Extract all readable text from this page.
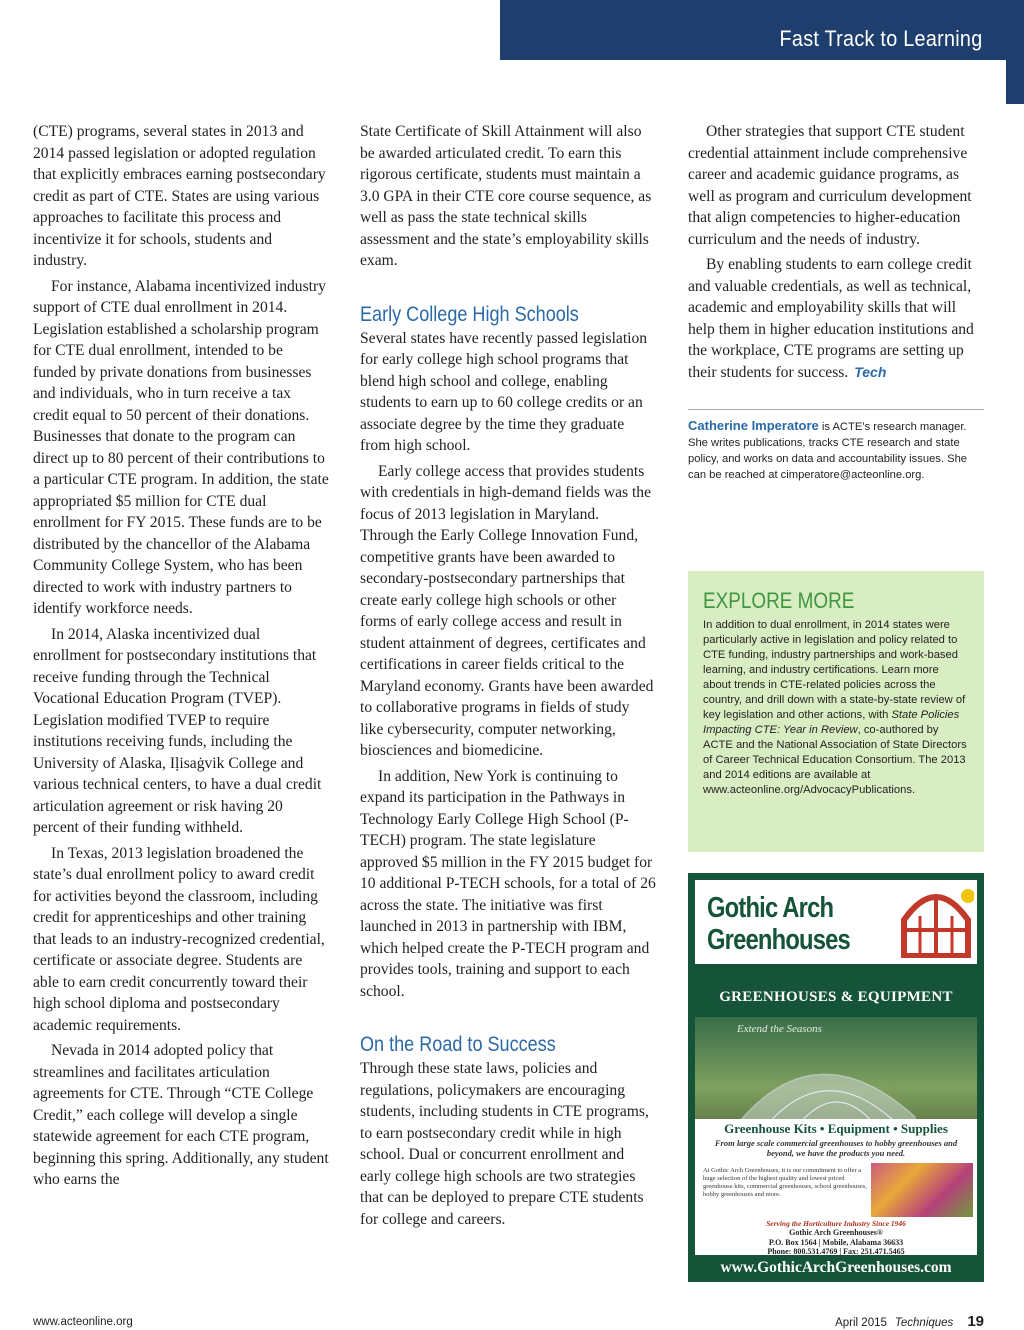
Fast Track to Learning

(CTE) programs, several states in 2013 and 2014 passed legislation or adopted regulation that explicitly embraces earning postsecondary credit as part of CTE. States are using various approaches to facilitate this process and incentivize it for schools, students and industry.

For instance, Alabama incentivized industry support of CTE dual enrollment in 2014. Legislation established a scholarship program for CTE dual enrollment, intended to be funded by private donations from businesses and individuals, who in turn receive a tax credit equal to 50 percent of their donations. Businesses that donate to the program can direct up to 80 percent of their contributions to a particular CTE program. In addition, the state appropriated $5 million for CTE dual enrollment for FY 2015. These funds are to be distributed by the chancellor of the Alabama Community College System, who has been directed to work with industry partners to identify workforce needs.

In 2014, Alaska incentivized dual enrollment for postsecondary institutions that receive funding through the Technical Vocational Education Program (TVEP). Legislation modified TVEP to require institutions receiving funds, including the University of Alaska, Iḷisaġvik College and various technical centers, to have a dual credit articulation agreement or risk having 20 percent of their funding withheld.

In Texas, 2013 legislation broadened the state’s dual enrollment policy to award credit for activities beyond the classroom, including credit for apprenticeships and other training that leads to an industry-recognized credential, certificate or associate degree. Students are able to earn credit concurrently toward their high school diploma and postsecondary academic requirements.

Nevada in 2014 adopted policy that streamlines and facilitates articulation agreements for CTE. Through “CTE College Credit,” each college will develop a single statewide agreement for each CTE program, beginning this spring. Additionally, any student who earns the

State Certificate of Skill Attainment will also be awarded articulated credit. To earn this rigorous certificate, students must maintain a 3.0 GPA in their CTE core course sequence, as well as pass the state technical skills assessment and the state’s employability skills exam.

Early College High Schools

Several states have recently passed legislation for early college high school programs that blend high school and college, enabling students to earn up to 60 college credits or an associate degree by the time they graduate from high school.

Early college access that provides students with credentials in high-demand fields was the focus of 2013 legislation in Maryland. Through the Early College Innovation Fund, competitive grants have been awarded to secondary-postsecondary partnerships that create early college high schools or other forms of early college access and result in student attainment of degrees, certificates and certifications in career fields critical to the Maryland economy. Grants have been awarded to collaborative programs in fields of study like cybersecurity, computer networking, biosciences and biomedicine.

In addition, New York is continuing to expand its participation in the Pathways in Technology Early College High School (P-TECH) program. The state legislature approved $5 million in the FY 2015 budget for 10 additional P-TECH schools, for a total of 26 across the state. The initiative was first launched in 2013 in partnership with IBM, which helped create the P-TECH program and provides tools, training and support to each school.

On the Road to Success

Through these state laws, policies and regulations, policymakers are encouraging students, including students in CTE programs, to earn postsecondary credit while in high school. Dual or concurrent enrollment and early college high schools are two strategies that can be deployed to prepare CTE students for college and careers.

Other strategies that support CTE student credential attainment include comprehensive career and academic guidance programs, as well as program and curriculum development that align competencies to higher-education curriculum and the needs of industry.

By enabling students to earn college credit and valuable credentials, as well as technical, academic and employability skills that will help them in higher education institutions and the workplace, CTE programs are setting up their students for success. Tech

Catherine Imperatore is ACTE’s research manager. She writes publications, tracks CTE research and state policy, and works on data and accountability issues. She can be reached at cimperatore@acteonline.org.
EXPLORE MORE
In addition to dual enrollment, in 2014 states were particularly active in legislation and policy related to CTE funding, industry partnerships and work-based learning, and industry certifications. Learn more about trends in CTE-related policies across the country, and drill down with a state-by-state review of key legislation and other actions, with State Policies Impacting CTE: Year in Review, co-authored by ACTE and the National Association of State Directors of Career Technical Education Consortium. The 2013 and 2014 editions are available at www.acteonline.org/AdvocacyPublications.
Gothic Arch
Greenhouses
GREENHOUSES & EQUIPMENT
Extend the Seasons
Greenhouse Kits • Equipment • Supplies
From large scale commercial greenhouses to hobby greenhouses and beyond, we have the products you need.
At Gothic Arch Greenhouses, it is our commitment to offer a huge selection of the highest quality and lowest priced greenhouse kits, commercial greenhouses, school greenhouses, hobby greenhouses and more.
Serving the Horticulture Industry Since 1946
Gothic Arch Greenhouses®
P.O. Box 1564 | Mobile, Alabama 36633
Phone: 800.531.4769 | Fax: 251.471.5465
www.GothicArchGreenhouses.com
www.acteonline.org	April 2015 Techniques 19
